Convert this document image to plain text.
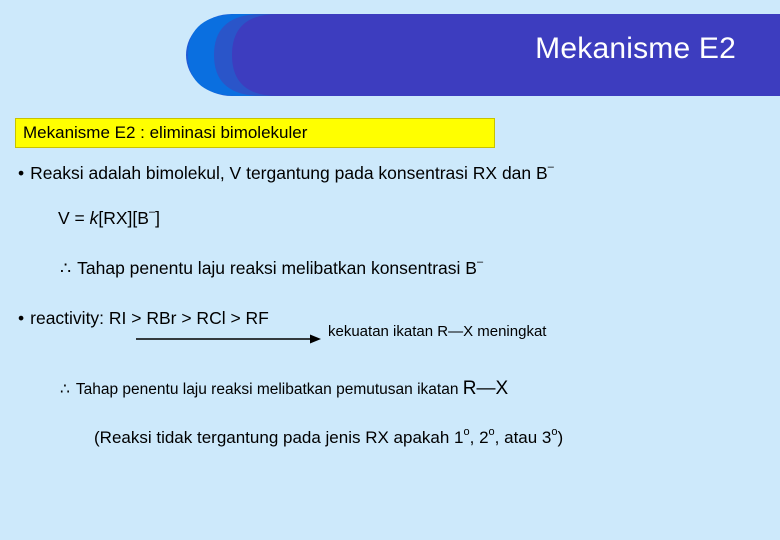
Mekanisme E2
Mekanisme E2 : eliminasi bimolekuler
• Reaksi adalah bimolekul, V tergantung pada konsentrasi RX dan B–
V = k[RX][B–]
∴ Tahap penentu laju reaksi melibatkan konsentrasi B–
• reactivity: RI > RBr > RCl > RF
kekuatan ikatan R—X meningkat
∴ Tahap penentu laju reaksi melibatkan pemutusan ikatan R—X
(Reaksi tidak tergantung pada jenis RX apakah 1$^o$, 2$^o$, atau 3$^o$)
